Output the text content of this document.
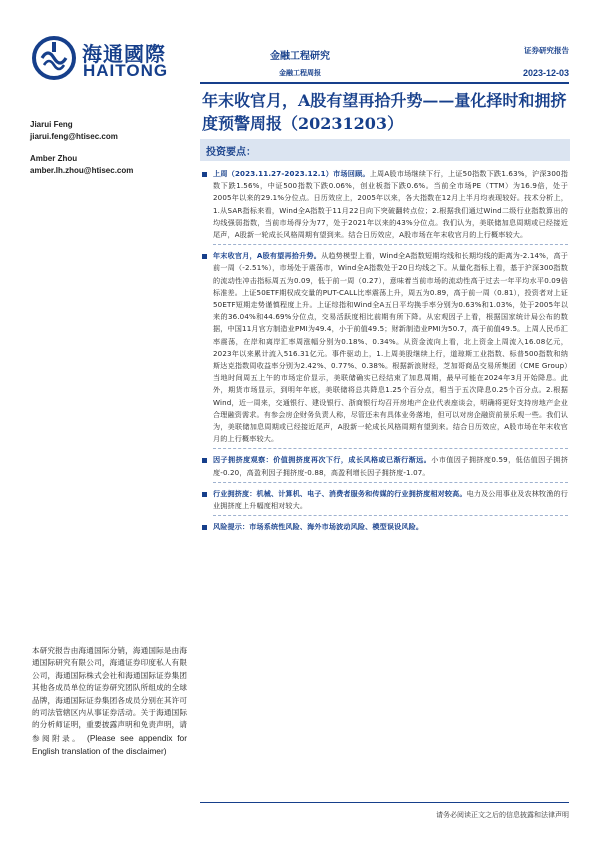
海通國際
HAITONG
金融工程研究
金融工程周报
证券研究报告
2023-12-03
年末收官月，A股有望再拾升势——量化择时和拥挤度预警周报（20231203）
Jiarui Feng
jiarui.feng@htisec.com
Amber Zhou
amber.lh.zhou@htisec.com
投资要点：
上周（2023.11.27-2023.12.1）市场回顾。上周A股市场继续下行，上证50指数下跌1.63%，沪深300指数下跌1.56%，中证500指数下跌0.06%，创业板指下跌0.6%。当前全市场PE（TTM）为16.9倍，处于2005年以来的29.1%分位点。日历效应上，2005年以来，各大指数在12月上半月均表现较好。技术分析上，1.从SAR指标来看，Wind全A指数于11月22日向下突破翻转点位；2.根据我们通过Wind二级行业指数算出的均线强弱指数，当前市场得分为77，处于2021年以来的43%分位点。我们认为，美联储加息周期或已经接近尾声，A股新一轮成长风格周期有望到来。结合日历效应，A股市场在年末收官月的上行概率较大。
年末收官月，A股有望再拾升势。从趋势模型上看，Wind全A指数短期均线和长期均线的距离为-2.14%，高于前一周（-2.51%），市场处于震荡市，Wind全A指数处于20日均线之下。从量化指标上看，基于沪深300指数的流动性冲击指标周五为0.09，低于前一周（0.27），意味着当前市场的流动性高于过去一年平均水平0.09倍标准差。上证50ETF期权成交量的PUT-CALL比率震荡上升，周五为0.89，高于前一周（0.81），投资者对上证50ETF短期走势谨慎程度上升。上证综指和Wind全A五日平均换手率分别为0.63%和1.03%，处于2005年以来的36.04%和44.69%分位点，交易活跃度相比前期有所下降。从宏观因子上看，根据国家统计局公布的数据，中国11月官方制造业PMI为49.4，小于前值49.5；财新制造业PMI为50.7，高于前值49.5。上周人民币汇率震荡，在岸和离岸汇率周涨幅分别为0.18%、0.34%。从资金流向上看，北上资金上周流入16.08亿元，2023年以来累计流入516.31亿元。事件驱动上，1.上周美股继续上行，道琼斯工业指数、标普500指数和纳斯达克指数周收益率分别为2.42%、0.77%、0.38%。根据新浪财经，芝加哥商品交易所集团（CME Group）当地时间周五上午的市场定价显示，美联储确实已经结束了加息周期，最早可能在2024年3月开始降息。此外，期货市场显示，到明年年底，美联储将总共降息1.25个百分点，相当于五次降息0.25个百分点。2.根据Wind，近一周来，交通银行、建设银行、浙商银行均召开房地产企业代表座谈会，明确将更好支持房地产企业合理融资需求。有参会房企财务负责人称，尽管还未有具体业务落地，但可以对房企融资前景乐观一些。我们认为，美联储加息周期或已经接近尾声，A股新一轮成长风格周期有望到来。结合日历效应，A股市场在年末收官月的上行概率较大。
因子拥挤度观察：价值拥挤度再次下行，成长风格或已渐行渐远。小市值因子拥挤度0.59，低估值因子拥挤度-0.20，高盈利因子拥挤度-0.88，高盈利增长因子拥挤度-1.07。
行业拥挤度：机械、计算机、电子、消费者服务和传媒的行业拥挤度相对较高。电力及公用事业及农林牧渔的行业拥挤度上升幅度相对较大。
风险提示：市场系统性风险、海外市场波动风险、模型误设风险。
本研究报告由海通国际分销，海通国际是由海通国际研究有限公司，海通证券印度私人有限公司，海通国际株式会社和海通国际证券集团其他各成员单位的证券研究团队所组成的全球品牌，海通国际证券集团各成员分别在其许可的司法管辖区内从事证券活动。关于海通国际的分析师证明，重要披露声明和免责声明，请参阅附录。 (Please see appendix for English translation of the disclaimer)
请务必阅读正文之后的信息披露和法律声明
